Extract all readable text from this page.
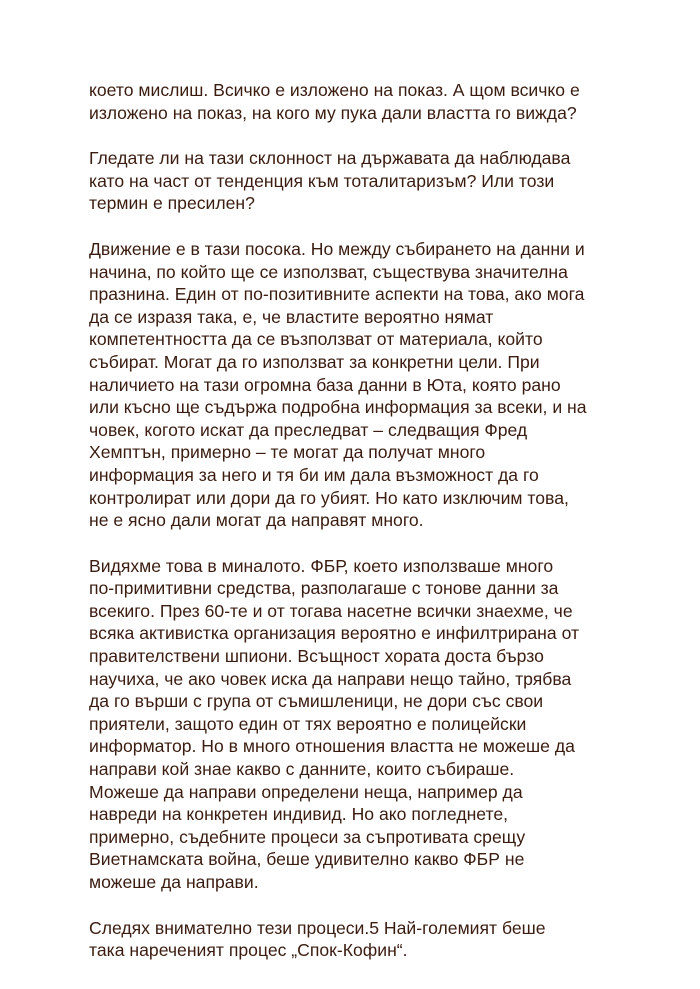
което мислиш. Всичко е изложено на показ. А щом всичко е
изложено на показ, на кого му пука дали властта го вижда?
Гледате ли на тази склонност на държавата да наблюдава
като на част от тенденция към тоталитаризъм? Или този
термин е пресилен?
Движение е в тази посока. Но между събирането на данни и
начина, по който ще се използват, съществува значителна
празнина. Един от по-позитивните аспекти на това, ако мога
да се изразя така, е, че властите вероятно нямат
компетентността да се възползват от материала, който
събират. Могат да го използват за конкретни цели. При
наличието на тази огромна база данни в Юта, която рано
или късно ще съдържа подробна информация за всеки, и на
човек, когото искат да преследват – следващия Фред
Хемптън, примерно – те могат да получат много
информация за него и тя би им дала възможност да го
контролират или дори да го убият. Но като изключим това,
не е ясно дали могат да направят много.
Видяхме това в миналото. ФБР, което използваше много
по-примитивни средства, разполагаше с тонове данни за
всекиго. През 60-те и от тогава насетне всички знаехме, че
всяка активистка организация вероятно е инфилтрирана от
правителствени шпиони. Всъщност хората доста бързо
научиха, че ако човек иска да направи нещо тайно, трябва
да го върши с група от съмишленици, не дори със свои
приятели, защото един от тях вероятно е полицейски
информатор. Но в много отношения властта не можеше да
направи кой знае какво с данните, които събираше.
Можеше да направи определени неща, например да
навреди на конкретен индивид. Но ако погледнете,
примерно, съдебните процеси за съпротивата срещу
Виетнамската война, беше удивително какво ФБР не
можеше да направи.
Следях внимателно тези процеси.5 Най-големият беше
така нареченият процес „Спок-Кофин“.
